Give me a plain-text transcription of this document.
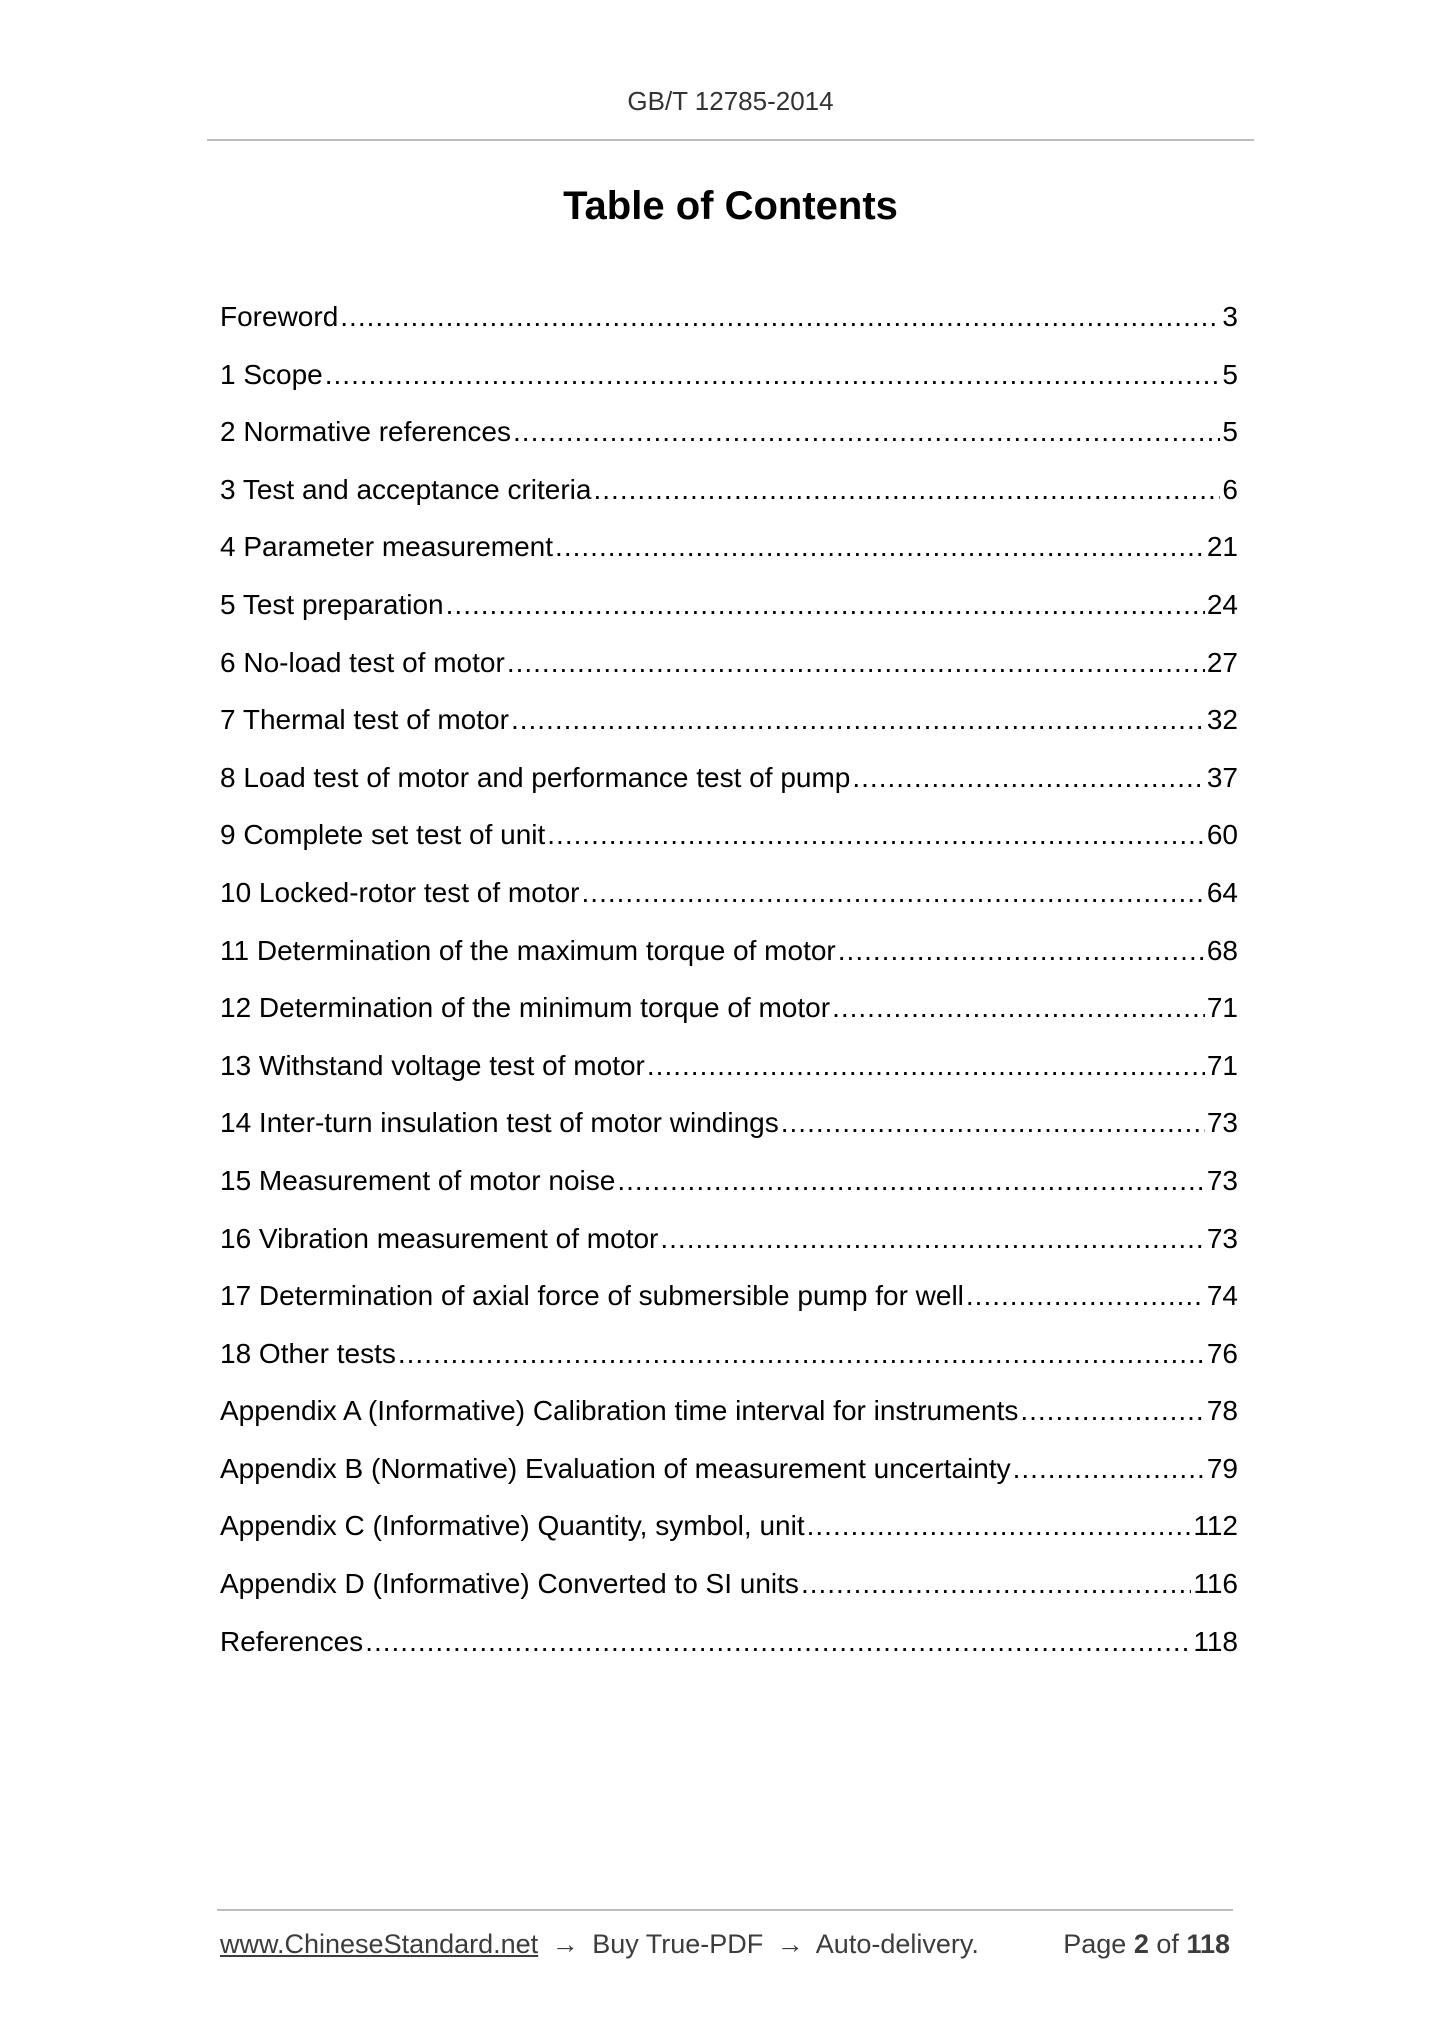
GB/T 12785-2014
Table of Contents
Foreword .....	3
1 Scope .....	5
2 Normative references .....	5
3 Test and acceptance criteria .....	6
4 Parameter measurement .....	21
5 Test preparation .....	24
6 No-load test of motor .....	27
7 Thermal test of motor .....	32
8 Load test of motor and performance test of pump .....	37
9 Complete set test of unit .....	60
10 Locked-rotor test of motor .....	64
11 Determination of the maximum torque of motor .....	68
12 Determination of the minimum torque of motor .....	71
13 Withstand voltage test of motor .....	71
14 Inter-turn insulation test of motor windings .....	73
15 Measurement of motor noise .....	73
16 Vibration measurement of motor .....	73
17 Determination of axial force of submersible pump for well .....	74
18 Other tests .....	76
Appendix A (Informative) Calibration time interval for instruments .....	78
Appendix B (Normative) Evaluation of measurement uncertainty .....	79
Appendix C (Informative) Quantity, symbol, unit .....	112
Appendix D (Informative) Converted to SI units .....	116
References .....	118
www.ChineseStandard.net → Buy True-PDF → Auto-delivery.	Page 2 of 118
